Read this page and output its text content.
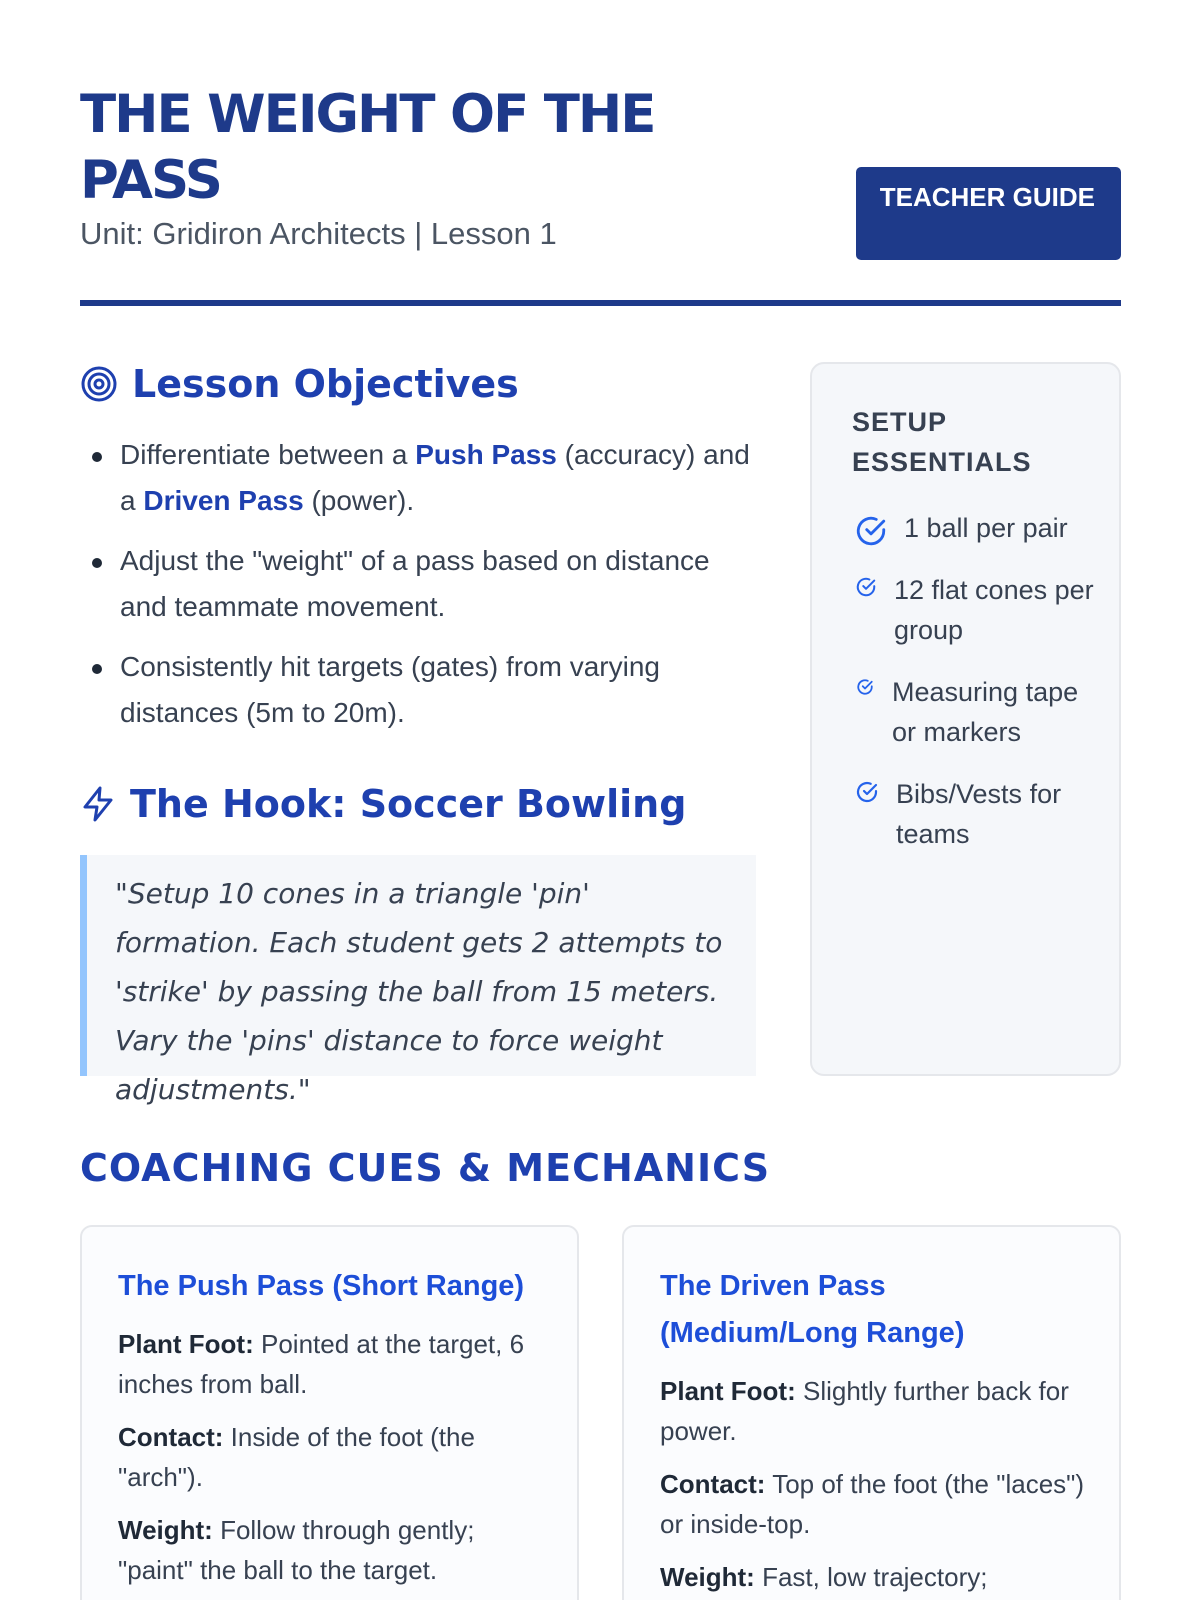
THE WEIGHT OF THE PASS
Unit: Gridiron Architects | Lesson 1
TEACHER GUIDE
Lesson Objectives
Differentiate between a Push Pass (accuracy) and a Driven Pass (power).
Adjust the "weight" of a pass based on distance and teammate movement.
Consistently hit targets (gates) from varying distances (5m to 20m).
The Hook: Soccer Bowling
"Setup 10 cones in a triangle 'pin' formation. Each student gets 2 attempts to 'strike' by passing the ball from 15 meters. Vary the 'pins' distance to force weight adjustments."
SETUP ESSENTIALS
1 ball per pair
12 flat cones per group
Measuring tape or markers
Bibs/Vests for teams
COACHING CUES & MECHANICS
The Push Pass (Short Range)

Plant Foot: Pointed at the target, 6 inches from ball.

Contact: Inside of the foot (the "arch").

Weight: Follow through gently; "paint" the ball to the target.

The Driven Pass (Medium/Long Range)

Plant Foot: Slightly further back for power.

Contact: Top of the foot (the "laces") or inside-top.

Weight: Fast, low trajectory;
